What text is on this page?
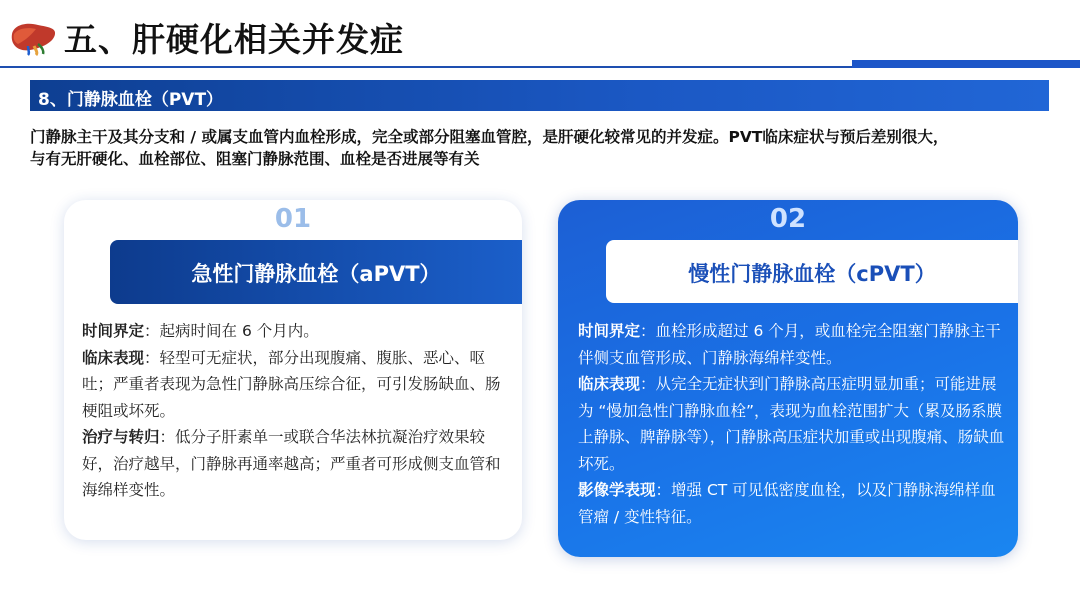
五、肝硬化相关并发症
8、门静脉血栓（PVT）
门静脉主干及其分支和 / 或属支血管内血栓形成，完全或部分阻塞血管腔，是肝硬化较常见的并发症。PVT临床症状与预后差别很大，与有无肝硬化、血栓部位、阻塞门静脉范围、血栓是否进展等有关
01
急性门静脉血栓（aPVT）

时间界定：起病时间在 6 个月内。

临床表现：轻型可无症状，部分出现腹痛、腹胀、恶心、呕吐；严重者表现为急性门静脉高压综合征，可引发肠缺血、肠梗阻或坏死。

治疗与转归：低分子肝素单一或联合华法林抗凝治疗效果较好，治疗越早，门静脉再通率越高；严重者可形成侧支血管和海绵样变性。

02
慢性门静脉血栓（cPVT）

时间界定：血栓形成超过 6 个月，或血栓完全阻塞门静脉主干伴侧支血管形成、门静脉海绵样变性。

临床表现：从完全无症状到门静脉高压症明显加重；可能进展为 “慢加急性门静脉血栓”，表现为血栓范围扩大（累及肠系膜上静脉、脾静脉等），门静脉高压症状加重或出现腹痛、肠缺血坏死。

影像学表现：增强 CT 可见低密度血栓，以及门静脉海绵样血管瘤 / 变性特征。
